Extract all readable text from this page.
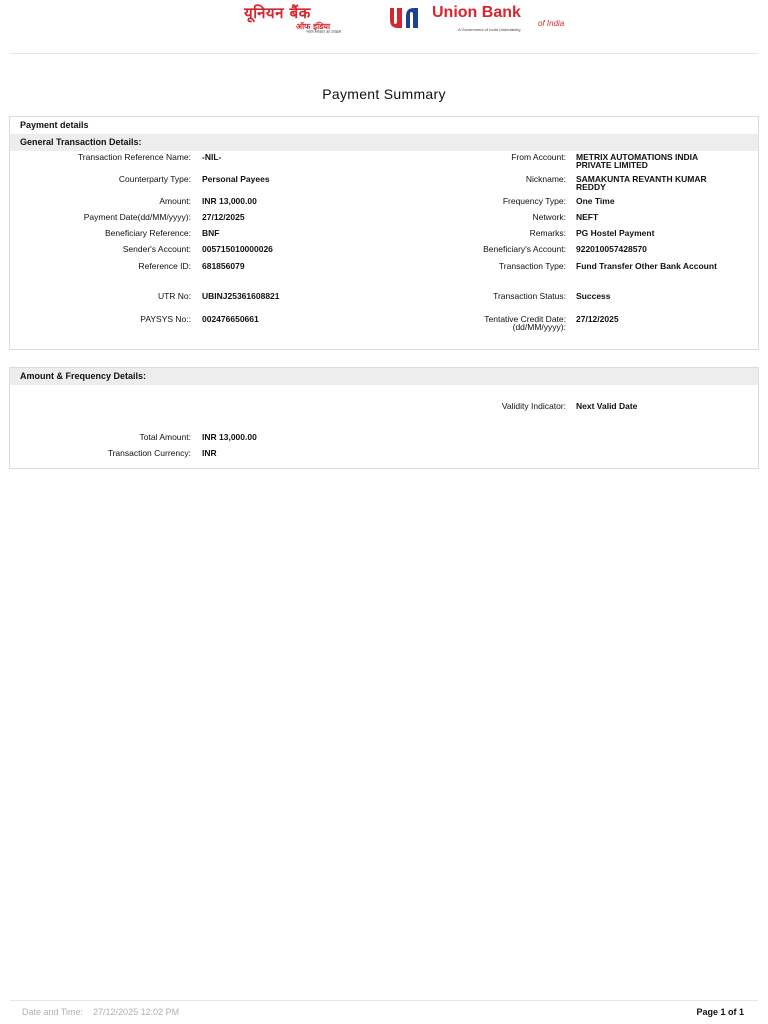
यूनियन बैंक
ऑफ इंडिया
भारत सरकार का उपक्रम
Union Bank
of India
A Government of India Undertaking
Payment Summary
Payment details
General Transaction Details:
Transaction Reference Name: -NIL-	From Account: METRIX AUTOMATIONS INDIA PRIVATE LIMITED
Counterparty Type: Personal Payees	Nickname: SAMAKUNTA REVANTH KUMAR REDDY
Amount: INR 13,000.00	Frequency Type: One Time
Payment Date(dd/MM/yyyy): 27/12/2025	Network: NEFT
Beneficiary Reference: BNF	Remarks: PG Hostel Payment
Sender's Account: 005715010000026	Beneficiary's Account: 922010057428570
Reference ID: 681856079	Transaction Type: Fund Transfer Other Bank Account
UTR No: UBINJ25361608821	Transaction Status: Success
PAYSYS No:: 002476650661	Tentative Credit Date:(dd/MM/yyyy):
27/12/2025
Amount & Frequency Details:
Validity Indicator: Next Valid Date
Total Amount: INR 13,000.00
Transaction Currency: INR
Date and Time: 27/12/2025 12:02 PM	Page 1 of 1
